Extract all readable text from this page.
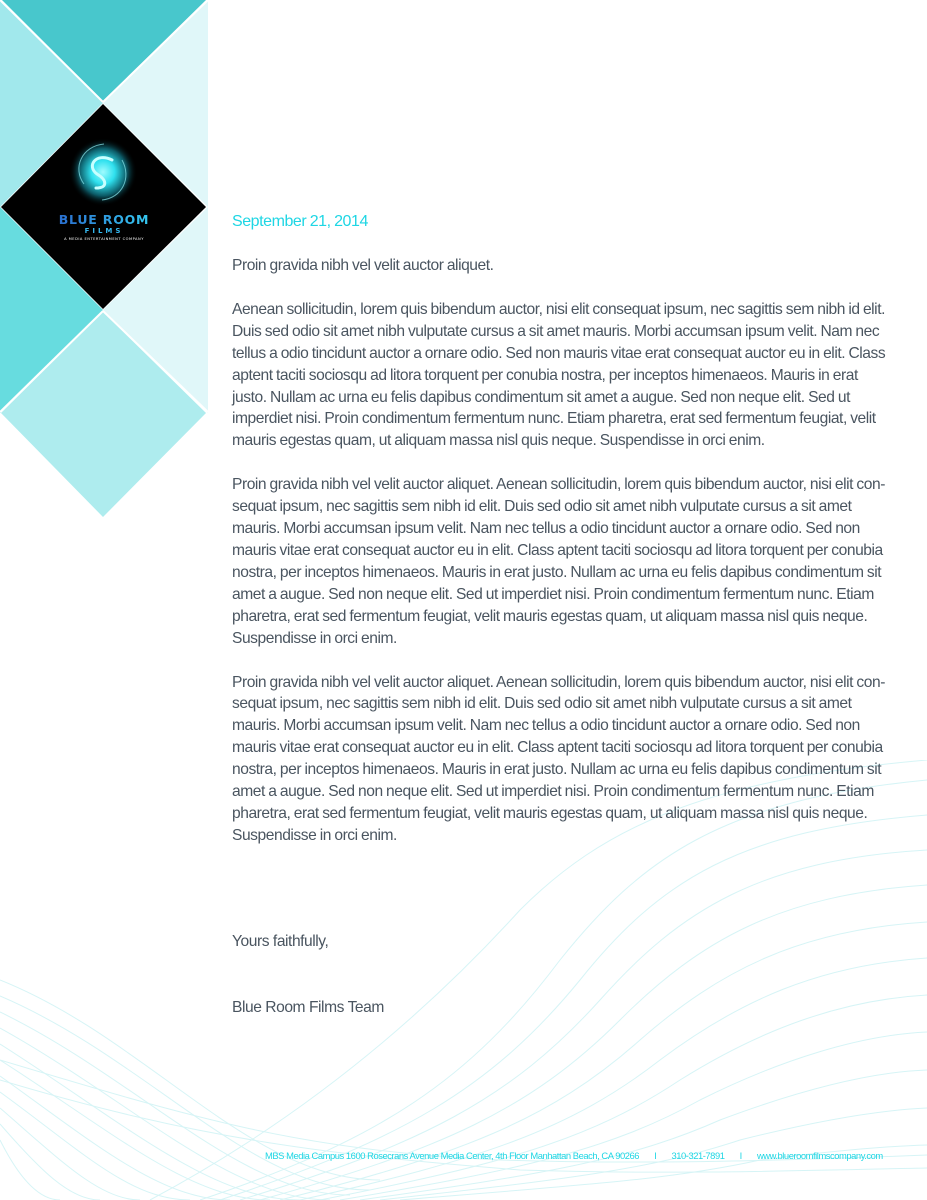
BLUE ROOM
FILMS
A MEDIA ENTERTAINMENT COMPANY
September 21, 2014
Proin gravida nibh vel velit auctor aliquet.

Aenean sollicitudin, lorem quis bibendum auctor, nisi elit consequat ipsum, nec sagittis sem nibh id elit. Duis sed odio sit amet nibh vulputate cursus a sit amet mauris. Morbi accumsan ipsum velit. Nam nec tellus a odio tincidunt auctor a ornare odio. Sed non mauris vitae erat consequat auctor eu in elit. Class aptent taciti sociosqu ad litora torquent per conubia nostra, per inceptos himenaeos. Mauris in erat justo. Nullam ac urna eu felis dapibus condimentum sit amet a augue. Sed non neque elit. Sed ut imperdiet nisi. Proin condimentum fermentum nunc. Etiam pharetra, erat sed fermentum feugiat, velit mauris egestas quam, ut aliquam massa nisl quis neque. Suspendisse in orci enim.

Proin gravida nibh vel velit auctor aliquet. Aenean sollicitudin, lorem quis bibendum auctor, nisi elit con-sequat ipsum, nec sagittis sem nibh id elit. Duis sed odio sit amet nibh vulputate cursus a sit amet mauris. Morbi accumsan ipsum velit. Nam nec tellus a odio tincidunt auctor a ornare odio. Sed non mauris vitae erat consequat auctor eu in elit. Class aptent taciti sociosqu ad litora torquent per conubia nostra, per inceptos himenaeos. Mauris in erat justo. Nullam ac urna eu felis dapibus condimentum sit amet a augue. Sed non neque elit. Sed ut imperdiet nisi. Proin condimentum fermentum nunc. Etiam pharetra, erat sed fermentum feugiat, velit mauris egestas quam, ut aliquam massa nisl quis neque. Suspendisse in orci enim.

Proin gravida nibh vel velit auctor aliquet. Aenean sollicitudin, lorem quis bibendum auctor, nisi elit con-sequat ipsum, nec sagittis sem nibh id elit. Duis sed odio sit amet nibh vulputate cursus a sit amet mauris. Morbi accumsan ipsum velit. Nam nec tellus a odio tincidunt auctor a ornare odio. Sed non mauris vitae erat consequat auctor eu in elit. Class aptent taciti sociosqu ad litora torquent per conubia nostra, per inceptos himenaeos. Mauris in erat justo. Nullam ac urna eu felis dapibus condimentum sit amet a augue. Sed non neque elit. Sed ut imperdiet nisi. Proin condimentum fermentum nunc. Etiam pharetra, erat sed fermentum feugiat, velit mauris egestas quam, ut aliquam massa nisl quis neque. Suspendisse in orci enim.

Yours faithfully,
Blue Room Films Team
MBS Media Campus 1600 Rosecrans Avenue Media Center, 4th Floor Manhattan Beach, CA 90266 I 310-321-7891 I www.blueroomfilmscompany.com
